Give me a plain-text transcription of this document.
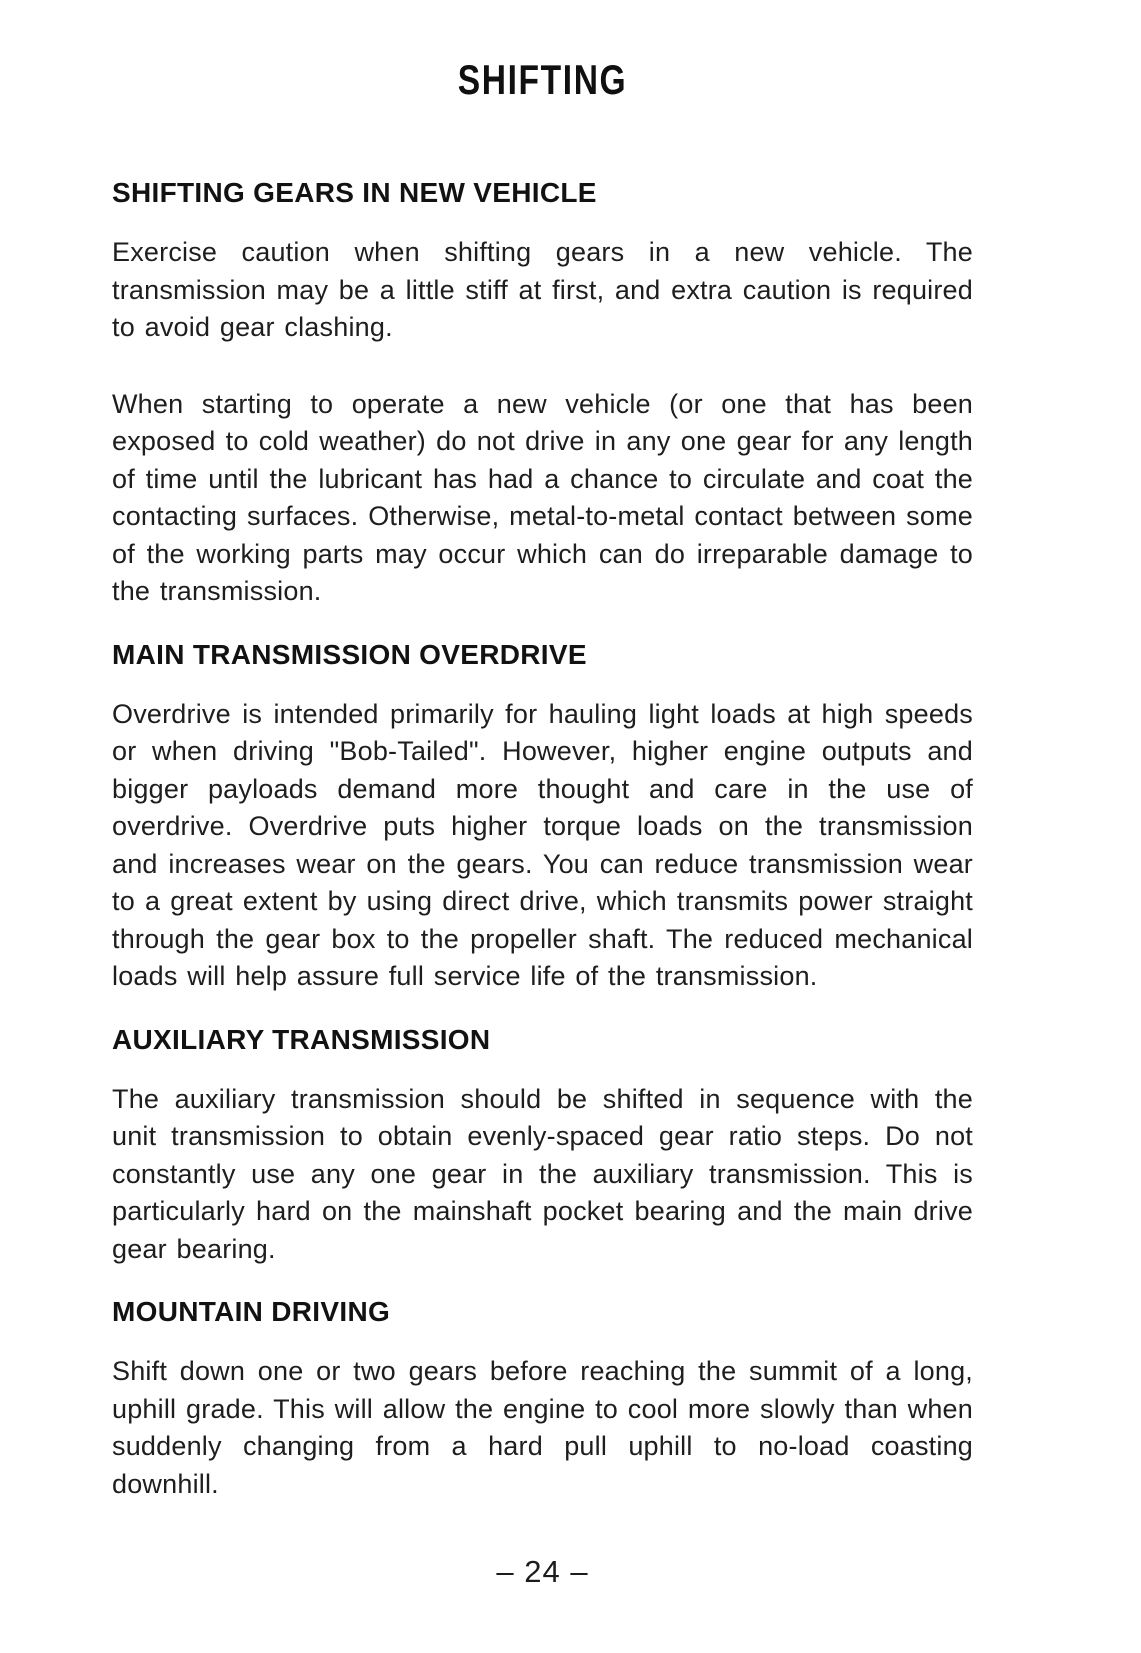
SHIFTING
SHIFTING GEARS IN NEW VEHICLE

Exercise caution when shifting gears in a new vehicle. The transmission may be a little stiff at first, and extra caution is required to avoid gear clashing.

When starting to operate a new vehicle (or one that has been exposed to cold weather) do not drive in any one gear for any length of time until the lubricant has had a chance to circulate and coat the contacting surfaces. Otherwise, metal-to-metal contact between some of the working parts may occur which can do irreparable damage to the transmission.

MAIN TRANSMISSION OVERDRIVE

Overdrive is intended primarily for hauling light loads at high speeds or when driving "Bob-Tailed". However, higher engine outputs and bigger payloads demand more thought and care in the use of overdrive. Overdrive puts higher torque loads on the transmission and increases wear on the gears. You can reduce transmission wear to a great extent by using direct drive, which transmits power straight through the gear box to the propeller shaft. The reduced mechanical loads will help assure full service life of the transmission.

AUXILIARY TRANSMISSION

The auxiliary transmission should be shifted in sequence with the unit transmission to obtain evenly-spaced gear ratio steps. Do not constantly use any one gear in the auxiliary transmission. This is particularly hard on the mainshaft pocket bearing and the main drive gear bearing.

MOUNTAIN DRIVING

Shift down one or two gears before reaching the summit of a long, uphill grade. This will allow the engine to cool more slowly than when suddenly changing from a hard pull uphill to no-load coasting downhill.

– 24 –
